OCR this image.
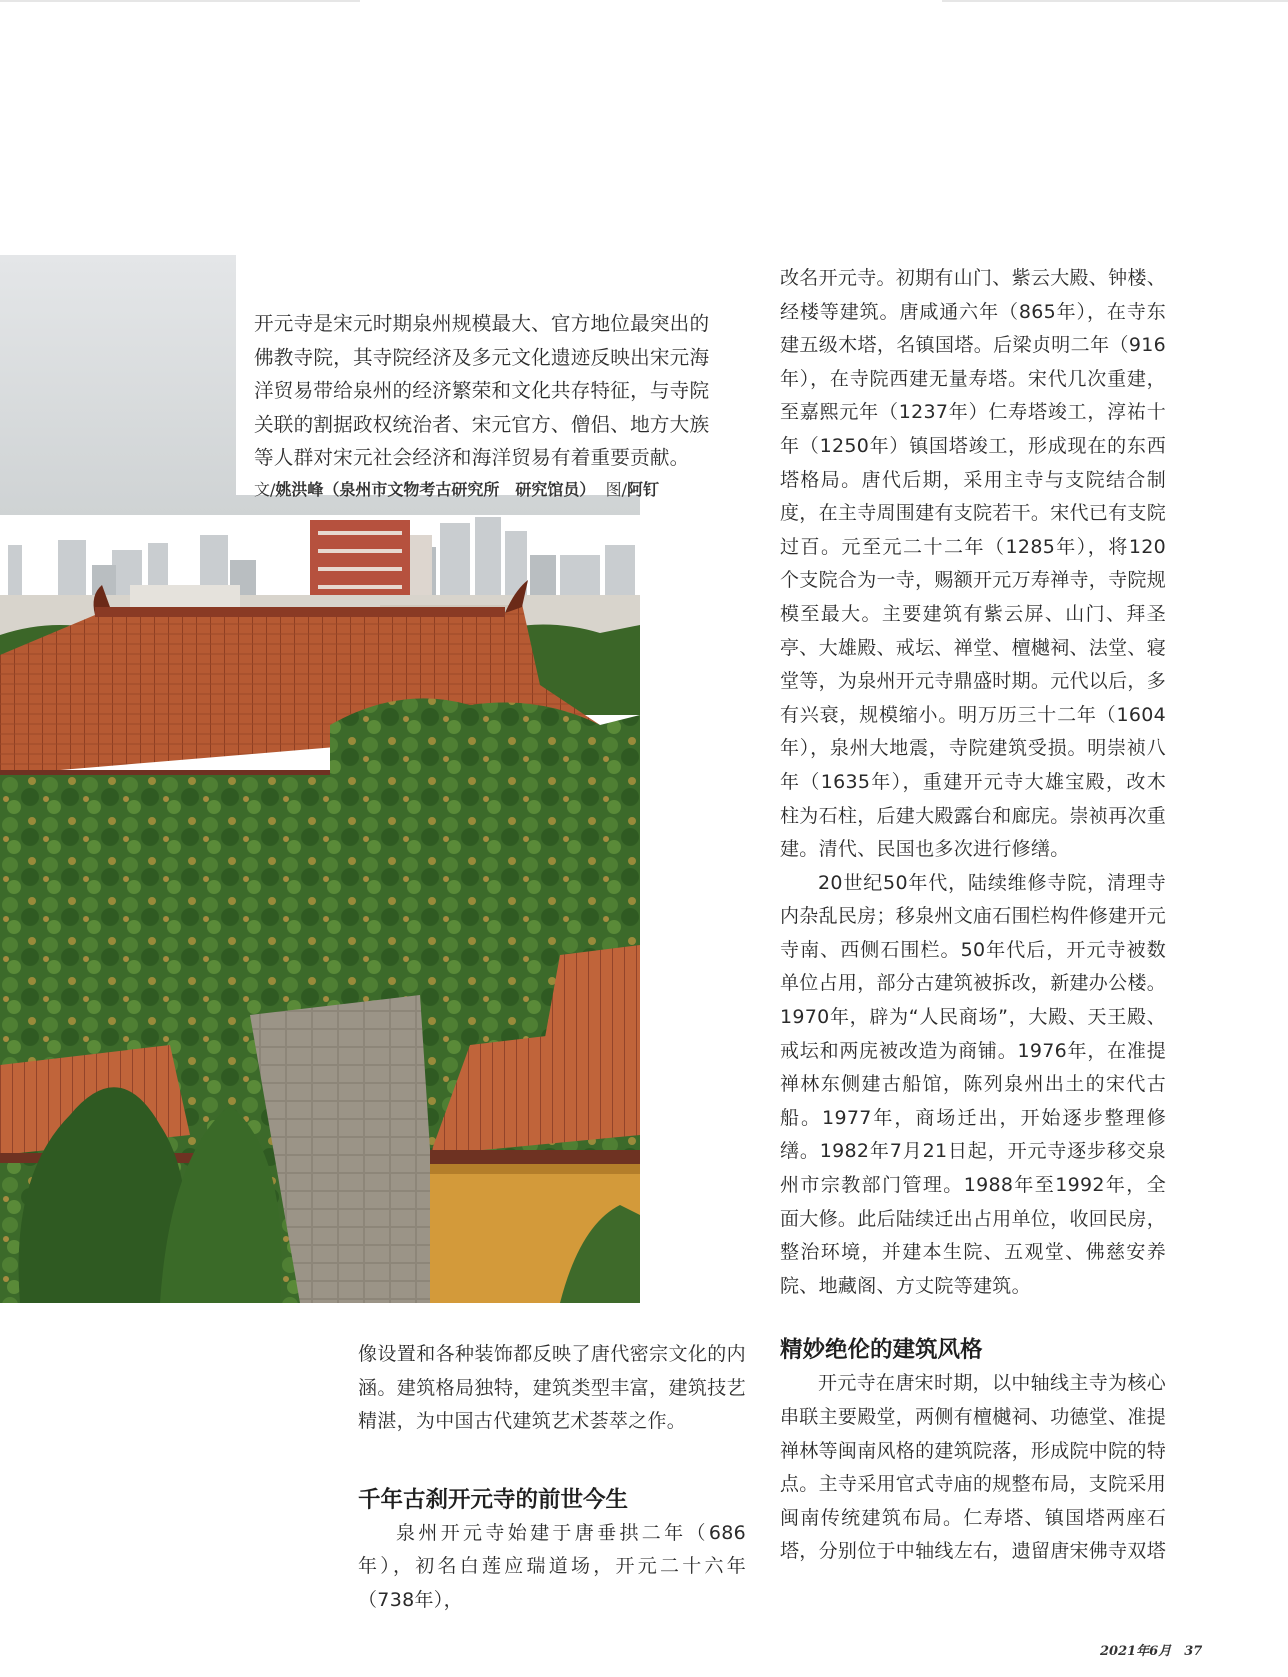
开元寺是宋元时期泉州规模最大、官方地位最突出的佛教寺院，其寺院经济及多元文化遗迹反映出宋元海洋贸易带给泉州的经济繁荣和文化共存特征，与寺院关联的割据政权统治者、宋元官方、僧侣、地方大族等人群对宋元社会经济和海洋贸易有着重要贡献。

文/姚洪峰（泉州市文物考古研究所　研究馆员） 图/阿钉

改名开元寺。初期有山门、紫云大殿、钟楼、经楼等建筑。唐咸通六年（865年），在寺东建五级木塔，名镇国塔。后梁贞明二年（916年），在寺院西建无量寿塔。宋代几次重建，至嘉熙元年（1237年）仁寿塔竣工，淳祐十年（1250年）镇国塔竣工，形成现在的东西塔格局。唐代后期，采用主寺与支院结合制度，在主寺周围建有支院若干。宋代已有支院过百。元至元二十二年（1285年），将120个支院合为一寺，赐额开元万寿禅寺，寺院规模至最大。主要建筑有紫云屏、山门、拜圣亭、大雄殿、戒坛、禅堂、檀樾祠、法堂、寝堂等，为泉州开元寺鼎盛时期。元代以后，多有兴衰，规模缩小。明万历三十二年（1604年），泉州大地震，寺院建筑受损。明崇祯八年（1635年），重建开元寺大雄宝殿，改木柱为石柱，后建大殿露台和廊庑。崇祯再次重建。清代、民国也多次进行修缮。

20世纪50年代，陆续维修寺院，清理寺内杂乱民房；移泉州文庙石围栏构件修建开元寺南、西侧石围栏。50年代后，开元寺被数单位占用，部分古建筑被拆改，新建办公楼。1970年，辟为“人民商场”，大殿、天王殿、戒坛和两庑被改造为商铺。1976年，在准提禅林东侧建古船馆，陈列泉州出土的宋代古船。1977年，商场迁出，开始逐步整理修缮。1982年7月21日起，开元寺逐步移交泉州市宗教部门管理。1988年至1992年，全面大修。此后陆续迁出占用单位，收回民房，整治环境，并建本生院、五观堂、佛慈安养院、地藏阁、方丈院等建筑。

精妙绝伦的建筑风格

开元寺在唐宋时期，以中轴线主寺为核心串联主要殿堂，两侧有檀樾祠、功德堂、准提禅林等闽南风格的建筑院落，形成院中院的特点。主寺采用官式寺庙的规整布局，支院采用闽南传统建筑布局。仁寿塔、镇国塔两座石塔，分别位于中轴线左右，遗留唐宋佛寺双塔

像设置和各种装饰都反映了唐代密宗文化的内涵。建筑格局独特，建筑类型丰富，建筑技艺精湛，为中国古代建筑艺术荟萃之作。

千年古刹开元寺的前世今生

泉州开元寺始建于唐垂拱二年（686年），初名白莲应瑞道场，开元二十六年（738年），

2021年6月　37
